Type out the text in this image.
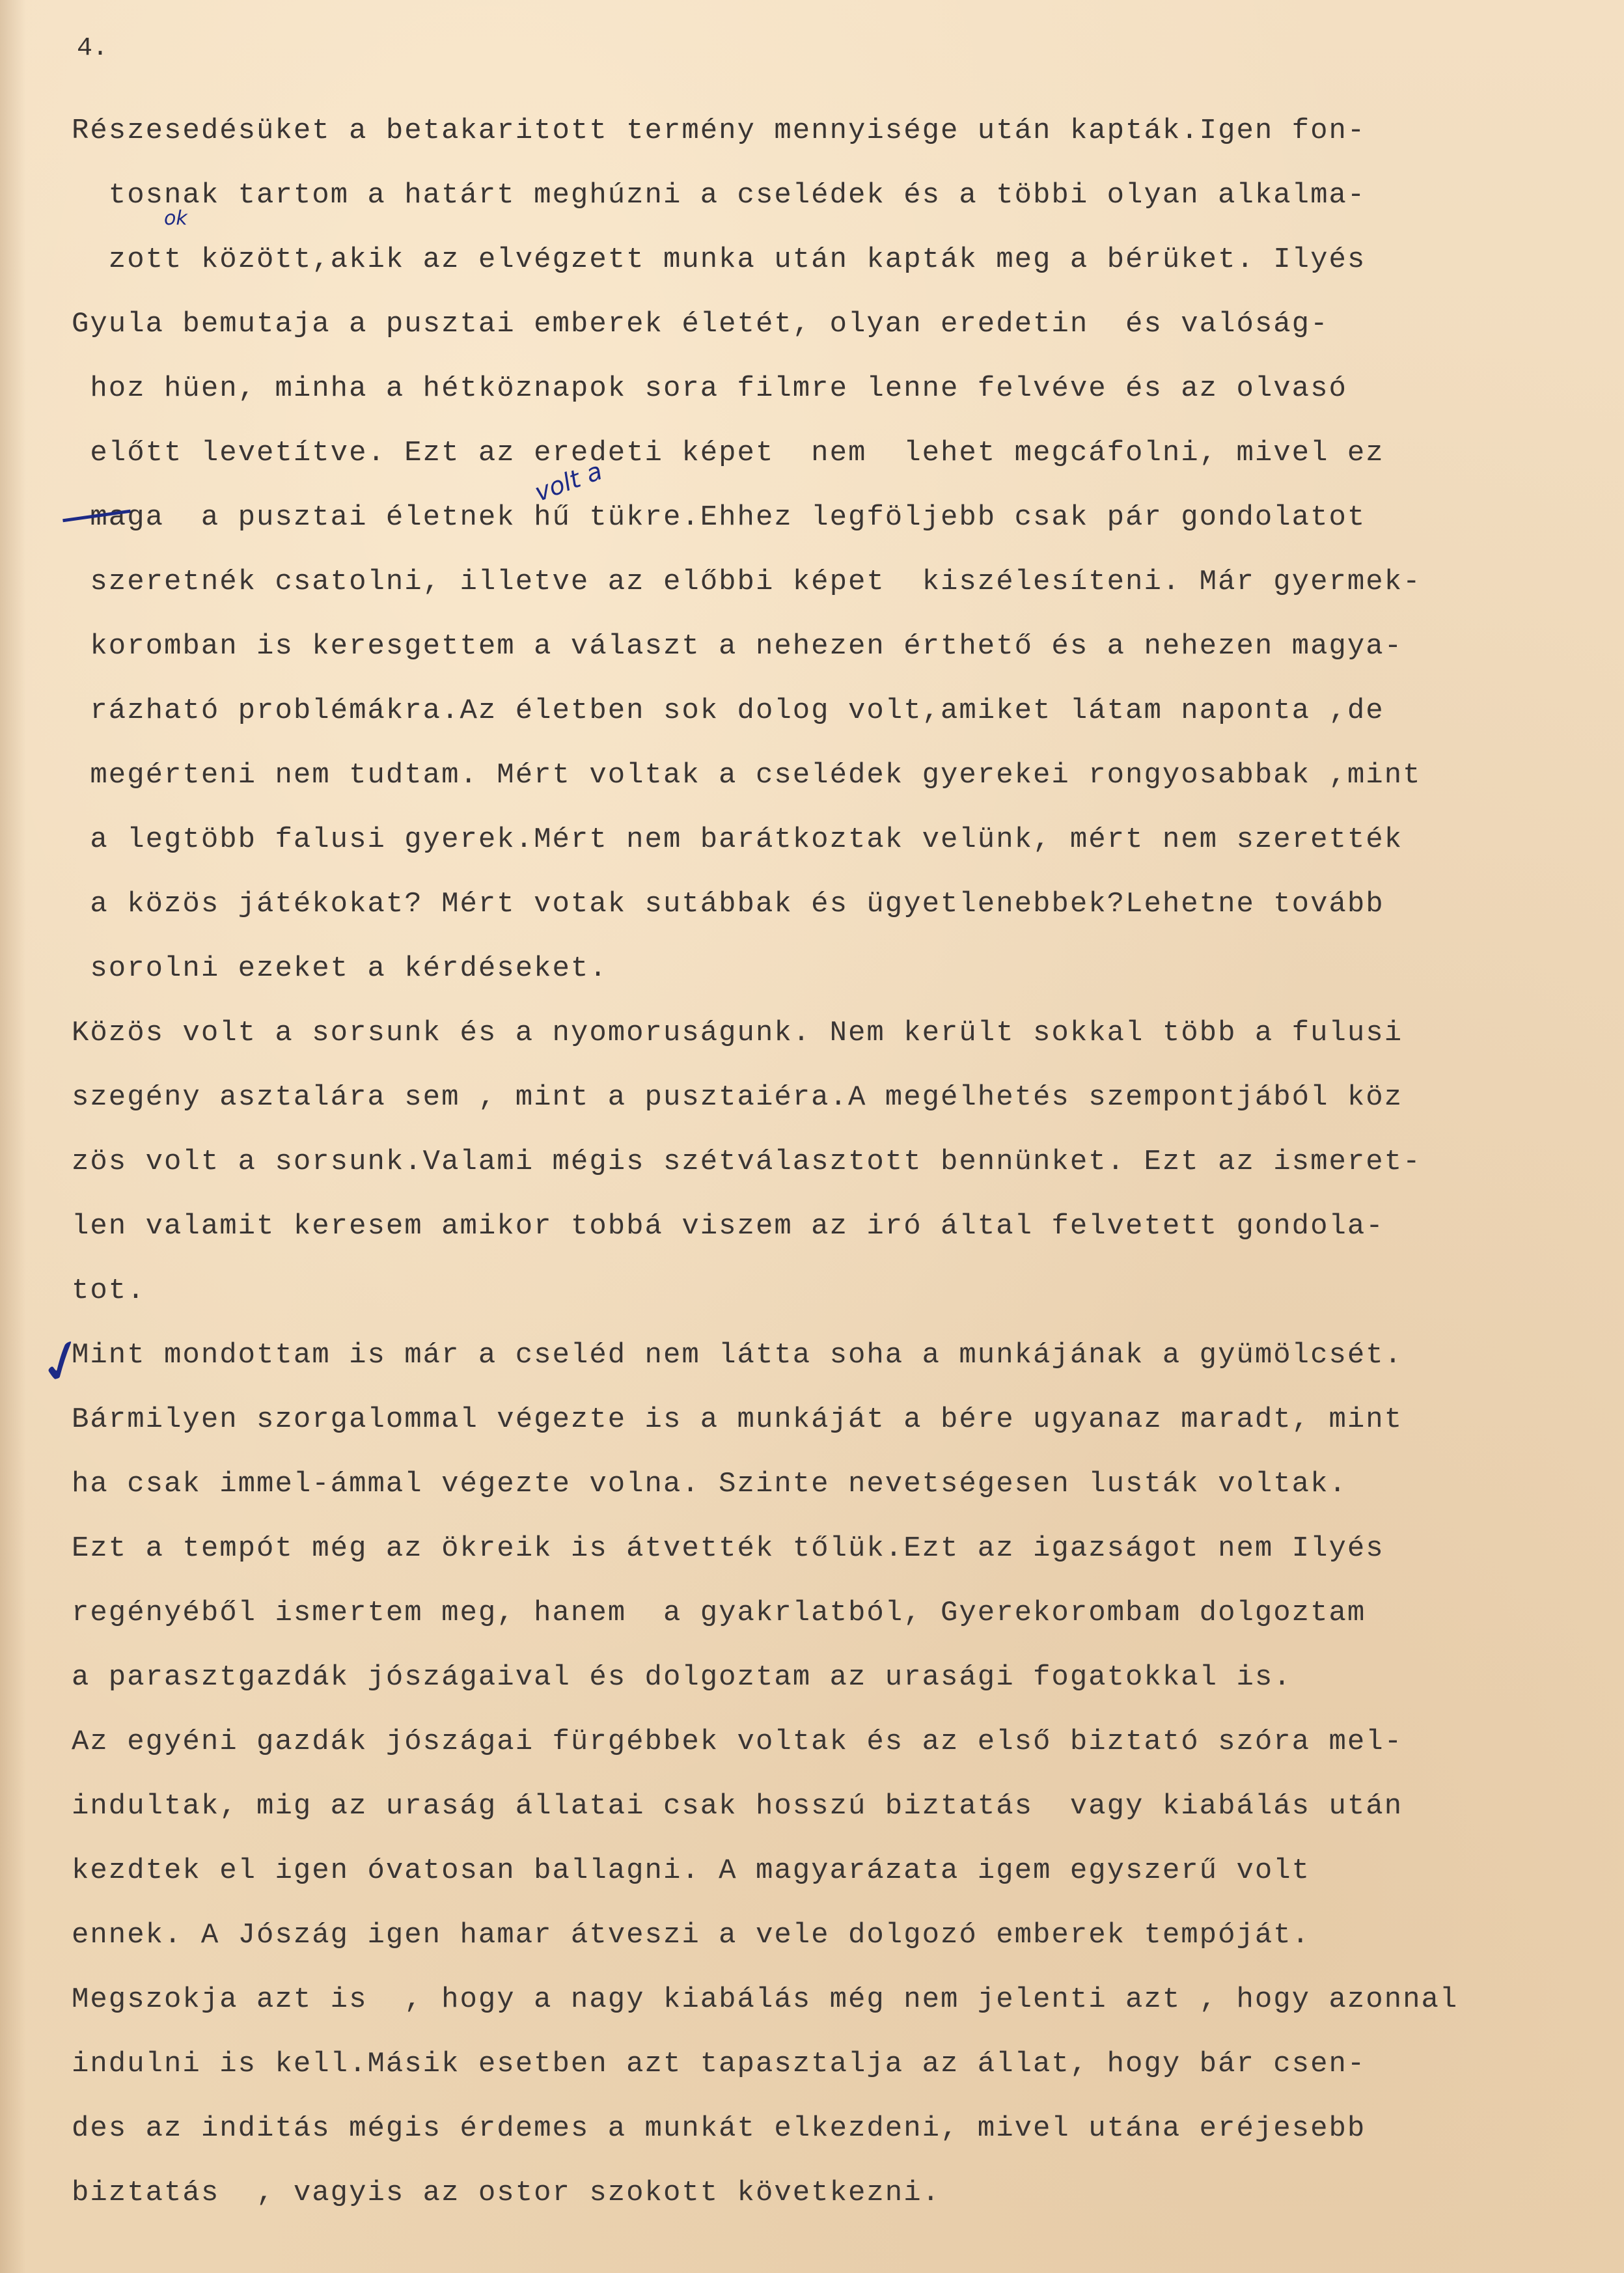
4.

Részesedésüket a betakaritott termény mennyisége után kapták.Igen fon-

tosnak tartom a határt meghúzni a cselédek és a többi olyan alkalma-

zott között,akik az elvégzett munka után kapták meg a bérüket. Ilyés

Gyula bemutaja a pusztai emberek életét, olyan eredetin  és valóság-

hoz hüen, minha a hétköznapok sora filmre lenne felvéve és az olvasó

előtt levetítve. Ezt az eredeti képet  nem  lehet megcáfolni, mivel ez

maga  a pusztai életnek hű tükre.Ehhez legföljebb csak pár gondolatot

szeretnék csatolni, illetve az előbbi képet  kiszélesíteni. Már gyermek-

koromban is keresgettem a választ a nehezen érthető és a nehezen magya-

rázható problémákra.Az életben sok dolog volt,amiket látam naponta ,de

megérteni nem tudtam. Mért voltak a cselédek gyerekei rongyosabbak ,mint

a legtöbb falusi gyerek.Mért nem barátkoztak velünk, mért nem szerették

a közös játékokat? Mért votak sutábbak és ügyetlenebbek?Lehetne tovább

sorolni ezeket a kérdéseket.

Közös volt a sorsunk és a nyomoruságunk. Nem került sokkal több a fulusi

szegény asztalára sem , mint a pusztaiéra.A megélhetés szempontjából köz

zös volt a sorsunk.Valami mégis szétválasztott bennünket. Ezt az ismeret-

len valamit keresem amikor tobbá viszem az iró által felvetett gondola-

tot.

Mint mondottam is már a cseléd nem látta soha a munkájának a gyümölcsét.

Bármilyen szorgalommal végezte is a munkáját a bére ugyanaz maradt, mint

ha csak immel-ámmal végezte volna. Szinte nevetségesen lusták voltak.

Ezt a tempót még az ökreik is átvették tőlük.Ezt az igazságot nem Ilyés

regényéből ismertem meg, hanem  a gyakrlatból, Gyerekorombam dolgoztam

a parasztgazdák jószágaival és dolgoztam az urasági fogatokkal is.

Az egyéni gazdák jószágai fürgébbek voltak és az első biztató szóra mel-

indultak, mig az uraság állatai csak hosszú biztatás  vagy kiabálás után

kezdtek el igen óvatosan ballagni. A magyarázata igem egyszerű volt

ennek. A Jószág igen hamar átveszi a vele dolgozó emberek tempóját.

Megszokja azt is  , hogy a nagy kiabálás még nem jelenti azt , hogy azonnal

indulni is kell.Másik esetben azt tapasztalja az állat, hogy bár csen-

des az inditás mégis érdemes a munkát elkezdeni, mivel utána eréjesebb

biztatás  , vagyis az ostor szokott következni.

✓
volt a
ok
